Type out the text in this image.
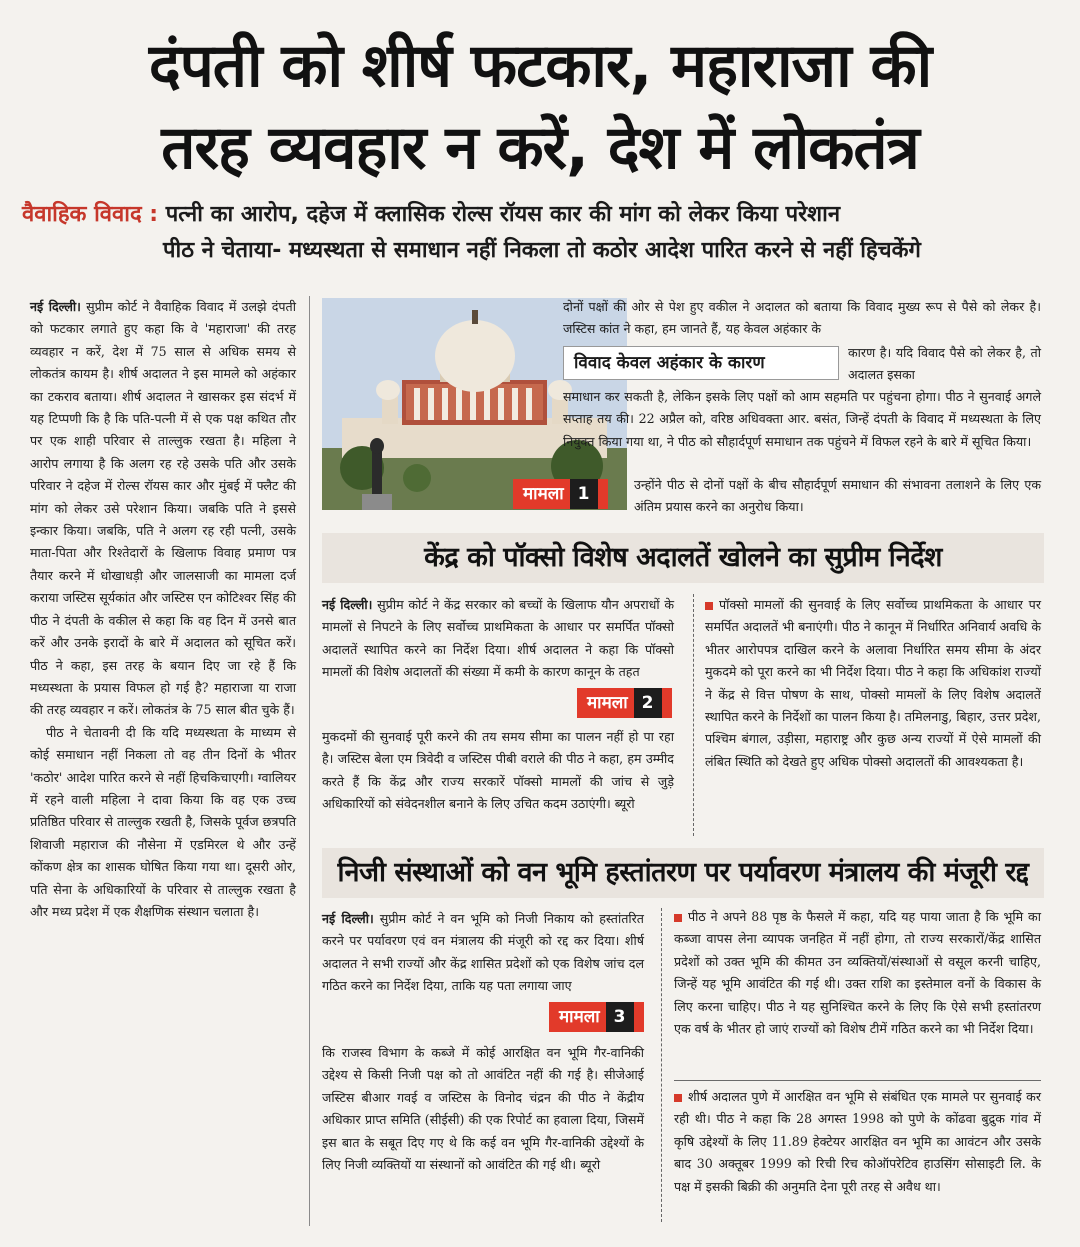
दंपती को शीर्ष फटकार, महाराजा की
तरह व्यवहार न करें, देश में लोकतंत्र
वैवाहिक विवाद : पत्नी का आरोप, दहेज में क्लासिक रोल्स रॉयस कार की मांग को लेकर किया परेशान
पीठ ने चेताया- मध्यस्थता से समाधान नहीं निकला तो कठोर आदेश पारित करने से नहीं हिचकेंगे

नई दिल्ली। सुप्रीम कोर्ट ने वैवाहिक विवाद में उलझे दंपती को फटकार लगाते हुए कहा कि वे 'महाराजा' की तरह व्यवहार न करें, देश में 75 साल से अधिक समय से लोकतंत्र कायम है। शीर्ष अदालत ने इस मामले को अहंकार का टकराव बताया। शीर्ष अदालत ने खासकर इस संदर्भ में यह टिप्पणी कि है कि पति-पत्नी में से एक पक्ष कथित तौर पर एक शाही परिवार से ताल्लुक रखता है। महिला ने आरोप लगाया है कि अलग रह रहे उसके पति और उसके परिवार ने दहेज में रोल्स रॉयस कार और मुंबई में फ्लैट की मांग को लेकर उसे परेशान किया। जबकि पति ने इससे इन्कार किया। जबकि, पति ने अलग रह रही पत्नी, उसके माता-पिता और रिश्तेदारों के खिलाफ विवाह प्रमाण पत्र तैयार करने में धोखाधड़ी और जालसाजी का मामला दर्ज कराया जस्टिस सूर्यकांत और जस्टिस एन कोटिश्वर सिंह की पीठ ने दंपती के वकील से कहा कि वह दिन में उनसे बात करें और उनके इरादों के बारे में अदालत को सूचित करें। पीठ ने कहा, इस तरह के बयान दिए जा रहे हैं कि मध्यस्थता के प्रयास विफल हो गई है? महाराजा या राजा की तरह व्यवहार न करें। लोकतंत्र के 75 साल बीत चुके हैं।

पीठ ने चेतावनी दी कि यदि मध्यस्थता के माध्यम से कोई समाधान नहीं निकला तो वह तीन दिनों के भीतर 'कठोर' आदेश पारित करने से नहीं हिचकिचाएगी। ग्वालियर में रहने वाली महिला ने दावा किया कि वह एक उच्च प्रतिष्ठित परिवार से ताल्लुक रखती है, जिसके पूर्वज छत्रपति शिवाजी महाराज की नौसेना में एडमिरल थे और उन्हें कोंकण क्षेत्र का शासक घोषित किया गया था। दूसरी ओर, पति सेना के अधिकारियों के परिवार से ताल्लुक रखता है और मध्य प्रदेश में एक शैक्षणिक संस्थान चलाता है।

मामला 1
दोनों पक्षों की ओर से पेश हुए वकील ने अदालत को बताया कि विवाद मुख्य रूप से पैसे को लेकर है। जस्टिस कांत ने कहा, हम जानते हैं, यह केवल अहंकार के
विवाद केवल अहंकार के कारण
कारण है। यदि विवाद पैसे को लेकर है, तो अदालत इसका
समाधान कर सकती है, लेकिन इसके लिए पक्षों को आम सहमति पर पहुंचना होगा। पीठ ने सुनवाई अगले सप्ताह तय की। 22 अप्रैल को, वरिष्ठ अधिवक्ता आर. बसंत, जिन्हें दंपती के विवाद में मध्यस्थता के लिए नियुक्त किया गया था, ने पीठ को सौहार्दपूर्ण समाधान तक पहुंचने में विफल रहने के बारे में सूचित किया।
उन्होंने पीठ से दोनों पक्षों के बीच सौहार्दपूर्ण समाधान की संभावना तलाशने के लिए एक अंतिम प्रयास करने का अनुरोध किया।
केंद्र को पॉक्सो विशेष अदालतें खोलने का सुप्रीम निर्देश
नई दिल्ली। सुप्रीम कोर्ट ने केंद्र सरकार को बच्चों के खिलाफ यौन अपराधों के मामलों से निपटने के लिए सर्वोच्च प्राथमिकता के आधार पर समर्पित पॉक्सो अदालतें स्थापित करने का निर्देश दिया। शीर्ष अदालत ने कहा कि पॉक्सो मामलों की विशेष अदालतों की संख्या में कमी के कारण कानून के तहत
मुकदमों की सुनवाई पूरी करने की तय समय सीमा का पालन नहीं हो पा रहा है। जस्टिस बेला एम त्रिवेदी व जस्टिस पीबी वराले की पीठ ने कहा, हम उम्मीद करते हैं कि केंद्र और राज्य सरकारें पॉक्सो मामलों की जांच से जुड़े अधिकारियों को संवेदनशील बनाने के लिए उचित कदम उठाएंगी। ब्यूरो
मामला 2
पॉक्सो मामलों की सुनवाई के लिए सर्वोच्च प्राथमिकता के आधार पर समर्पित अदालतें भी बनाएंगी। पीठ ने कानून में निर्धारित अनिवार्य अवधि के भीतर आरोपपत्र दाखिल करने के अलावा निर्धारित समय सीमा के अंदर मुकदमे को पूरा करने का भी निर्देश दिया। पीठ ने कहा कि अधिकांश राज्यों ने केंद्र से वित्त पोषण के साथ, पोक्सो मामलों के लिए विशेष अदालतें स्थापित करने के निर्देशों का पालन किया है। तमिलनाडु, बिहार, उत्तर प्रदेश, पश्चिम बंगाल, उड़ीसा, महाराष्ट्र और कुछ अन्य राज्यों में ऐसे मामलों की लंबित स्थिति को देखते हुए अधिक पोक्सो अदालतों की आवश्यकता है।
निजी संस्थाओं को वन भूमि हस्तांतरण पर पर्यावरण मंत्रालय की मंजूरी रद्द
नई दिल्ली। सुप्रीम कोर्ट ने वन भूमि को निजी निकाय को हस्तांतरित करने पर पर्यावरण एवं वन मंत्रालय की मंजूरी को रद्द कर दिया। शीर्ष अदालत ने सभी राज्यों और केंद्र शासित प्रदेशों को एक विशेष जांच दल गठित करने का निर्देश दिया, ताकि यह पता लगाया जाए
कि राजस्व विभाग के कब्जे में कोई आरक्षित वन भूमि गैर-वानिकी उद्देश्य से किसी निजी पक्ष को तो आवंटित नहीं की गई है। सीजेआई जस्टिस बीआर गवई व जस्टिस के विनोद चंद्रन की पीठ ने केंद्रीय अधिकार प्राप्त समिति (सीईसी) की एक रिपोर्ट का हवाला दिया, जिसमें इस बात के सबूत दिए गए थे कि कई वन भूमि गैर-वानिकी उद्देश्यों के लिए निजी व्यक्तियों या संस्थानों को आवंटित की गई थी। ब्यूरो
मामला 3
पीठ ने अपने 88 पृष्ठ के फैसले में कहा, यदि यह पाया जाता है कि भूमि का कब्जा वापस लेना व्यापक जनहित में नहीं होगा, तो राज्य सरकारों/केंद्र शासित प्रदेशों को उक्त भूमि की कीमत उन व्यक्तियों/संस्थाओं से वसूल करनी चाहिए, जिन्हें यह भूमि आवंटित की गई थी। उक्त राशि का इस्तेमाल वनों के विकास के लिए करना चाहिए। पीठ ने यह सुनिश्चित करने के लिए कि ऐसे सभी हस्तांतरण एक वर्ष के भीतर हो जाएं राज्यों को विशेष टीमें गठित करने का भी निर्देश दिया।
शीर्ष अदालत पुणे में आरक्षित वन भूमि से संबंधित एक मामले पर सुनवाई कर रही थी। पीठ ने कहा कि 28 अगस्त 1998 को पुणे के कोंढवा बुद्रुक गांव में कृषि उद्देश्यों के लिए 11.89 हेक्टेयर आरक्षित वन भूमि का आवंटन और उसके बाद 30 अक्तूबर 1999 को रिची रिच कोऑपरेटिव हाउसिंग सोसाइटी लि. के पक्ष में इसकी बिक्री की अनुमति देना पूरी तरह से अवैध था।
